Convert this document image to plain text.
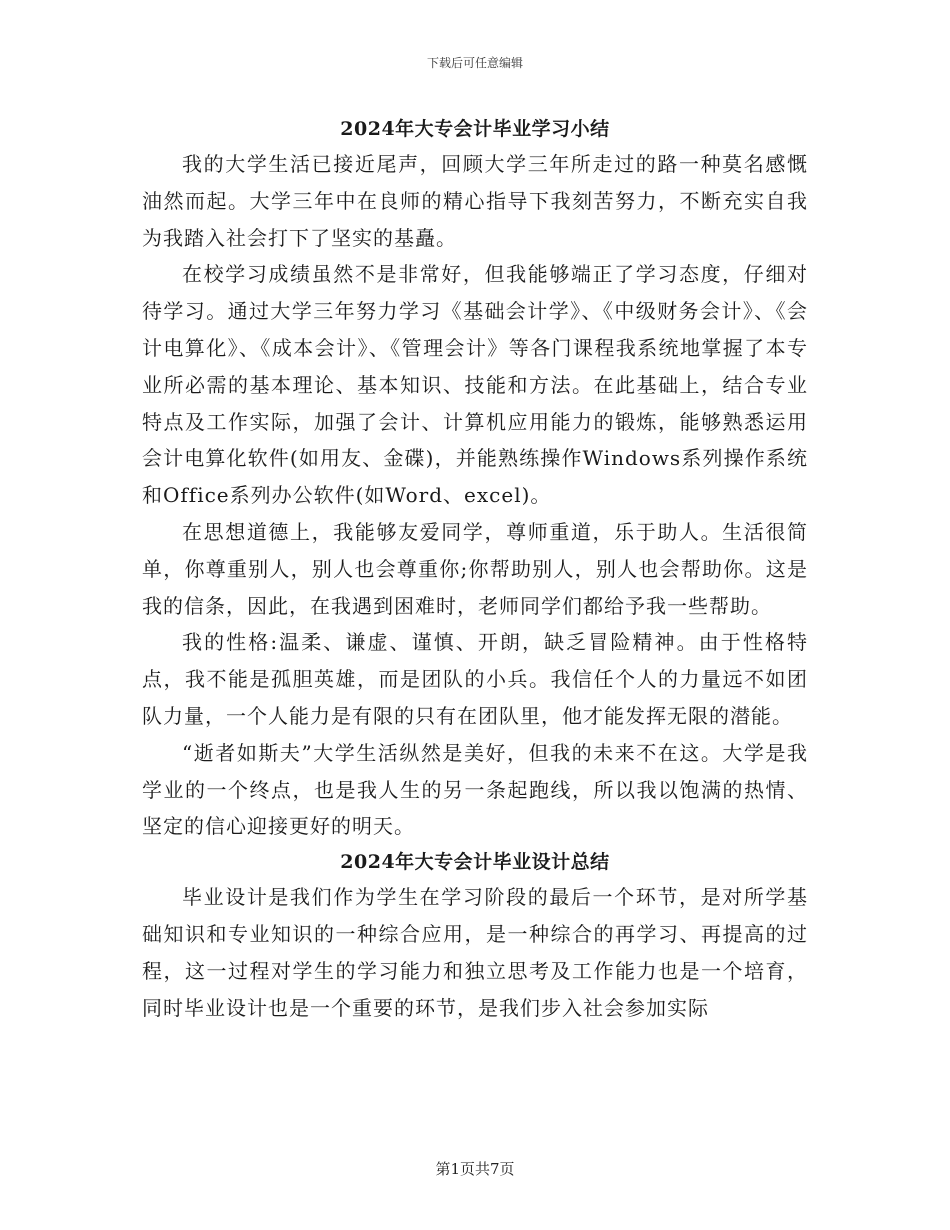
下载后可任意编辑
2024年大专会计毕业学习小结

我的大学生活已接近尾声，回顾大学三年所走过的路一种莫名感慨油然而起。大学三年中在良师的精心指导下我刻苦努力，不断充实自我为我踏入社会打下了坚实的基矗。

在校学习成绩虽然不是非常好，但我能够端正了学习态度，仔细对待学习。通过大学三年努力学习《基础会计学》、《中级财务会计》、《会计电算化》、《成本会计》、《管理会计》等各门课程我系统地掌握了本专业所必需的基本理论、基本知识、技能和方法。在此基础上，结合专业特点及工作实际，加强了会计、计算机应用能力的锻炼，能够熟悉运用会计电算化软件(如用友、金碟)，并能熟练操作Windows系列操作系统和Office系列办公软件(如Word、excel)。

在思想道德上，我能够友爱同学，尊师重道，乐于助人。生活很简单，你尊重别人，别人也会尊重你;你帮助别人，别人也会帮助你。这是我的信条，因此，在我遇到困难时，老师同学们都给予我一些帮助。

我的性格:温柔、谦虚、谨慎、开朗，缺乏冒险精神。由于性格特点，我不能是孤胆英雄，而是团队的小兵。我信任个人的力量远不如团队力量，一个人能力是有限的只有在团队里，他才能发挥无限的潜能。

“逝者如斯夫”大学生活纵然是美好，但我的未来不在这。大学是我学业的一个终点，也是我人生的另一条起跑线，所以我以饱满的热情、坚定的信心迎接更好的明天。

2024年大专会计毕业设计总结

毕业设计是我们作为学生在学习阶段的最后一个环节，是对所学基础知识和专业知识的一种综合应用，是一种综合的再学习、再提高的过程，这一过程对学生的学习能力和独立思考及工作能力也是一个培育，同时毕业设计也是一个重要的环节，是我们步入社会参加实际

第1页共7页
